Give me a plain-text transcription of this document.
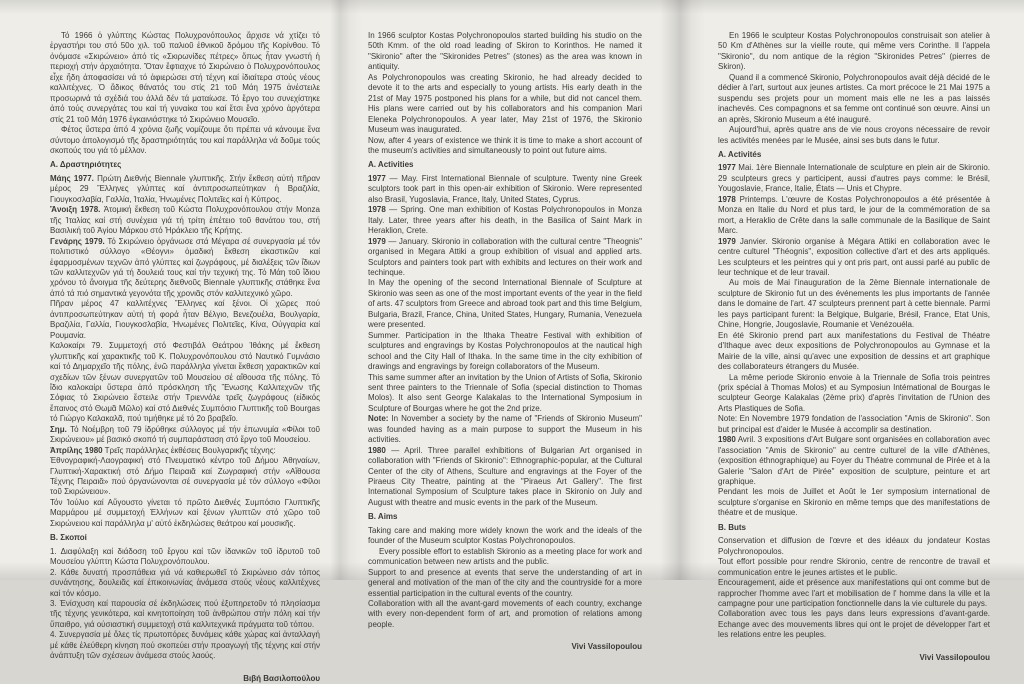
Τό 1966 ὁ γλύπτης Κώστας Πολυχρονόπουλος ἄρχισε νά χτίζει τό ἐργαστήρι του στό 50ο χιλ. τοῦ παλιοῦ ἐθνικοῦ δρόμου τῆς Κορίνθου. Τό ὀνόμασε «Σκιρώνειο» ἀπό τίς «Σκιρωνίδες πέτρες» ὅπως ἦταν γνωστή ἡ περιοχή στήν ἀρχαιότητα. Ὅταν ἔφτιαχνε τό Σκιρώνειο ὁ Πολυχρονόπουλος εἶχε ἤδη ἀποφασίσει νά τό ἀφιερώσει στή τέχνη καί ἰδιαίτερα στούς νέους καλλιτέχνες. Ὁ ἄδικος θάνατός του στίς 21 τοῦ Μάη 1975 ἀνέστειλε προσωρινά τά σχέδιά του ἀλλά δέν τά ματαίωσε. Τό ἔργο του συνεχίστηκε ἀπό τούς συνεργάτες του καί τή γυναίκα του καί ἔτσι ἕνα χρόνο ἀργότερα στίς 21 τοῦ Μάη 1976 ἐγκαινιάστηκε τό Σκιρώνειο Μουσεῖο.
Φέτος ὕστερα ἀπό 4 χρόνια ζωῆς νομίζουμε ὅτι πρέπει νά κάνουμε ἕνα σύντομο ἀπολογισμό τῆς δραστηριότητάς του καί παράλληλα νά δοῦμε τούς σκοπούς του γιά τό μέλλον.
Α. Δραστηριότητες
Μάης 1977. Πρώτη Διεθνής Biennale γλυπτικῆς. Στήν ἔκθεση αὐτή πῆραν μέρος 29 Ἕλληνες γλύπτες καί ἀντιπροσωπεύτηκαν ἡ Βραζιλία, Γιουγκοσλαβία, Γαλλία, Ἰταλία, Ἡνωμένες Πολιτεῖες καί ἡ Κύπρος.
Ἄνοιξη 1978. Ἀτομική ἔκθεση τοῦ Κώστα Πολυχρονόπουλου στήν Monza τῆς Ἰταλίας καί στή συνέχεια γιά τή τρίτη ἐπέτειο τοῦ θανάτου του, στή Βασιλική τοῦ Ἁγίου Μάρκου στό Ἡράκλειο τῆς Κρήτης.
Γενάρης 1979. Τό Σκιρώνειο ὀργάνωσε στά Μέγαρα σέ συνεργασία μέ τόν πολιτιστικό σύλλογο «Θέογνι» ὁμαδική ἔκθεση εἰκαστικῶν καί ἐφαρμοσμένων τεχνῶν ἀπό γλύπτες καί ζωγράφους, μέ διαλέξεις τῶν ἴδιων τῶν καλλιτεχνῶν γιά τή δουλειά τους καί τήν τεχνική της. Τό Μάη τοῦ ἴδιου χρόνου τό ἄνοιγμα τῆς δεύτερης διεθνοῦς Biennale γλυπτικῆς στάθηκε ἕνα ἀπό τά πιό σημαντικά γεγονότα τῆς χρονιᾶς στόν καλλιτεχνικό χῶρο.
Πῆραν μέρος 47 καλλιτέχνες Ἕλληνες καί ξένοι. Οἱ χῶρες πού ἀντιπροσωπεύτηκαν αὐτή τή φορά ἦταν Βέλγιο, Βενεζουέλα, Βουλγαρία, Βραζιλία, Γαλλία, Γιουγκοσλαβία, Ἡνωμένες Πολιτεῖες, Κίνα, Οὐγγαρία καί Ρουμανία.
Καλοκαίρι 79. Συμμετοχή στό Φεστιβάλ Θεάτρου Ἰθάκης μέ ἔκθεση γλυπτικῆς καί χαρακτικῆς τοῦ Κ. Πολυχρονόπουλου στό Ναυτικό Γυμνάσιο καί τό Δημαρχεῖο τῆς πόλης, ἐνῶ παράλληλα γίνεται ἔκθεση χαρακτικῶν καί σχεδίων τῶν ξένων συνεργατῶν τοῦ Μουσείου σέ αἴθουσα τῆς πόλης. Τό ἴδιο καλοκαίρι ὕστερα ἀπό πρόσκληση τῆς Ἕνωσης Καλλιτεχνῶν τῆς Σόφιας τό Σκιρώνειο ἔστειλε στήν Τριεννάλε τρεῖς ζωγράφους (εἰδικός ἔπαινος στό Θωμᾶ Μῶλο) καί στό Διεθνές Συμπόσιο Γλυπτικῆς τοῦ Bourgas τό Γιώργο Καλακαλᾶ, πού τιμήθηκε μέ τό 2ο βραβεῖο.
Σημ. Τό Νοέμβρη τοῦ 79 ἱδρύθηκε σύλλογος μέ τήν ἐπωνυμία «Φίλοι τοῦ Σκιρώνειου» μέ βασικό σκοπό τή συμπαράσταση στό ἔργο τοῦ Μουσείου.
Ἀπρίλης 1980 Τρεῖς παράλληλες ἐκθέσεις Βουλγαρικῆς τέχνης:
Ἐθνογραφική-Λαογραφική στό Πνευματικό κέντρο τοῦ Δήμου Ἀθηναίων, Γλυπτική-Χαρακτική στό Δήμο Πειραιᾶ καί Ζωγραφική στήν «Αἴθουσα Τέχνης Πειραιᾶ» πού ὀργανώνονται σέ συνεργασία μέ τόν σύλλογο «Φίλοι τοῦ Σκιρώνειου».
Τόν Ἰούλιο καί Αὔγουστο γίνεται τό πρῶτο Διεθνές Συμπόσιο Γλυπτικῆς Μαρμάρου μέ συμμετοχή Ἑλλήνων καί ξένων γλυπτῶν στό χῶρο τοῦ Σκιρώνειου καί παράλληλα μ' αὐτό ἐκδηλώσεις θεάτρου καί μουσικῆς.
Β. Σκοποί
1. Διαφύλαξη καί διάδοση τοῦ ἔργου καί τῶν ἰδανικῶν τοῦ ἱδρυτοῦ τοῦ Μουσείου γλύπτη Κώστα Πολυχρονόπουλου.
2. Κάθε δυνατή προσπάθεια γιά νά καθιερωθεῖ τό Σκιρώνειο σάν τόπος συνάντησης, δουλειᾶς καί ἐπικοινωνίας ἀνάμεσα στούς νέους καλλιτέχνες καί τόν κόσμο.
3. Ἐνίσχυση καί παρουσία σέ ἐκδηλώσεις πού ἐξυπηρετοῦν τό πλησίασμα τῆς τέχνης γενικότερα, καί κινητοποίηση τοῦ ἀνθρώπου στήν πόλη καί τήν ὕπαιθρο, γιά οὐσιαστική συμμετοχή στά καλλιτεχνικά πράγματα τοῦ τόπου.
4. Συνεργασία μέ ὅλες τίς πρωτοπόρες δυνάμεις κάθε χώρας καί ἀνταλλαγή μέ κάθε ἐλεύθερη κίνηση πού σκοπεύει στήν προαγωγή τῆς τέχνης καί στήν ἀνάπτυξη τῶν σχέσεων ἀνάμεσα στούς λαούς.
Βιβή Βασιλοπούλου
In 1966 sculptor Kostas Polychronopoulos started building his studio on the 50th Kmm. of the old road leading of Skiron to Korinthos. He named it "Skironio" after the "Skironides Petres" (stones) as the area was known in antiquity.
As Polychronopoulos was creating Skironio, he had already decided to devote it to the arts and especially to young artists. His early death in the 21st of May 1975 postponed his plans for a while, but did not cancel them. His plans were carried out by his collaborators and his companion Mari Eleneka Polychronopoulos. A year later, May 21st of 1976, the Skironio Museum was inaugurated.
Now, after 4 years of existence we think it is time to make a short account of the museum's activities and simultaneously to point out future aims.
A. Activities
1977 — May. First International Biennale of sculpture. Twenty nine Greek sculptors took part in this open-air exhibition of Skironio. Were represented also Brasil, Yugoslavia, France, Italy, United States, Cyprus.
1978 — Spring. One man exhibition of Kostas Polychronopoulos in Monza Italy. Later, three years after his death, in the Basilica of Saint Mark in Heraklion, Crete.
1979 — January. Skironio in collaboration with the cultural centre "Theognis" organised in Megara Attiki a group exhibition of visual and applied arts. Sculptors and painters took part with exhibits and lectures on their work and techinque.
In May the opening of the second International Biennale of Sculpture at Skironio was seen as one of the most important events of the year in the field of arts. 47 sculptors from Greece and abroad took part and this time Belgium, Bulgaria, Brazil, France, China, United States, Hungary, Rumania, Venezuela were presented.
Summer. Participation in the Ithaka Theatre Festival with exhibition of sculptures and engravings by Kostas Polychronopoulos at the nautical high school and the City Hall of Ithaka. In the same time in the city exhibition of drawings and engravings by foreign collaborators of the Museum.
This same summer after an invitation by the Union of Artists of Sofia, Skironio sent three painters to the Triennale of Sofia (special distinction to Thomas Molos). It also sent George Kalakalas to the International Symposium in Sculpture of Bourgas where he got the 2nd prize.
Note: In November a society by the name of "Friends of Skironio Museum" was founded having as a main purpose to support the Museum in his activities.
1980 — April. Three parallel exhibitions of Bulgarian Art organised in collaboration with "Friends of Skironio": Ethnographic-popular, at the Cultural Center of the city of Athens, Sculture and engravings at the Foyer of the Piraeus City Theatre, painting at the "Piraeus Art Gallery". The first International Symposium of Sculpture takes place in Skironio on July and August with theatre and music events in the park of the Museum.
B. Aims
Taking care and making more widely known the work and the ideals of the founder of the Museum sculptor Kostas Polychronopoulos.
Every possible effort to establish Skironio as a meeting place for work and communication between new artists and the public.
Support to and presence at events that serve the understanding of art in general and motivation of the man of the city and the countryside for a more essential participation in the cultural events of the country.
Collaboration with all the avant-gard movements of each country, exchange with every non-dependent form of art, and promotion of relations among people.
Vivi Vassilopoulou
En 1966 le sculpteur Kostas Polychronopoulos construisait son atelier à 50 Km d'Athènes sur la vieille route, qui même vers Corinthe. Il l'appela "Skironio", du nom antique de la région "Skironides Petres" (pierres de Skiron).
Quand il a commencé Skironio, Polychronopoulos avait déjà décidé de le dédier à l'art, surtout aux jeunes artistes. Ca mort précoce le 21 Mai 1975 a suspendu ses projets pour un moment mais elle ne les a pas laissés inachevés. Ces compagnons et sa femme ont continué son œuvre. Ainsi un an après, Skironio Museum a été inauguré.
Aujourd'hui, après quatre ans de vie nous croyons nécessaire de revoir les activités menées par le Musée, ainsi ses buts dans le futur.
A. Activités
1977 Mai. 1ère Biennale Internationale de sculpture en plein air de Skironio. 29 sculpteurs grecs y participent, aussi d'autres pays comme: le Brésil, Yougoslavie, France, Italie, États — Unis et Chypre.
1978 Printemps. L'œuvre de Kostas Polychronopoulos a été présentée à Monza en Italie du Nord et plus tard, le jour de la commémoration de sa mort, a Heraklio de Crête dans la salle communale de la Basilique de Saint Marc.
1979 Janvier. Skironio organise à Mégara Attiki en collaboration avec le centre culturel "Théognis", exposition collective d'art et des arts appliqués. Les sculpteurs et les peintres qui y ont pris part, ont aussi parlé au public de leur technique et de leur travail.
Au mois de Mai l'inauguration de la 2ème Biennale internationale de sculpture de Skironio fut un des événements les plus importants de l'année dans le domaine de l'art. 47 sculpteurs prennent part à cette biennale. Parmi les pays participant furent: la Belgique, Bulgarie, Brésil, France, Etat Unis, Chine, Hongrie, Jougoslavie, Roumanie et Venézouéla.
En été Skironio prend part aux manifestations du Festival de Théatre d'Ithaque avec deux expositions de Polychronopoulos au Gymnase et la Mairie de la ville, ainsi qu'avec une exposition de dessins et art graphique des collaborateurs étrangers du Musée.
La même periode Skironio envoie à la Triennale de Sofia trois peintres (prix spécial à Thomas Molos) et au Symposiun Intémational de Bourgas le sculpteur George Kalakalas (2ème prix) d'après l'invitation de l'Union des Arts Plastiques de Sofia.
Note: En Novembre 1979 fondation de l'association "Amis de Skironio". Son but principal est d'aider le Musée à accomplir sa destination.
1980 Avril. 3 expositions d'Art Bulgare sont organisées en collaboration avec l'association "Amis de Skironio" au centre culturel de la ville d'Athènes, (exposition éthnographique) au Foyer du Théatre communal de Pirée et à la Galerie "Salon d'Art de Pirée" exposition de sculpture, peinture et art graphique.
Pendant les mois de Juillet et Août le 1er symposium international de sculpture s'organise en Skironio en même temps que des manifestations de théatre et de musique.
B. Buts
Conservation et diffusion de l'œvre et des idéaux du jondateur Kostas Polychronopoulos.
Tout effort possible pour rendre Skironio, centre de rencontre de travail et communication entre le jeunes artistes et le public.
Encouragement, aide et présence aux manifestations qui ont comme but de rapprocher l'homme avec l'art et mobilisation de l' homme dans la ville et la campagne pour une participation fonctionnelle dans la vie culturele du pays.
Collaboration avec tous les pays dans leurs expressions d'avant-garde. Echange avec des mouvements libres qui ont le projet de développer l'art et les relations entre les peuples.
Vivi Vassilopoulou
